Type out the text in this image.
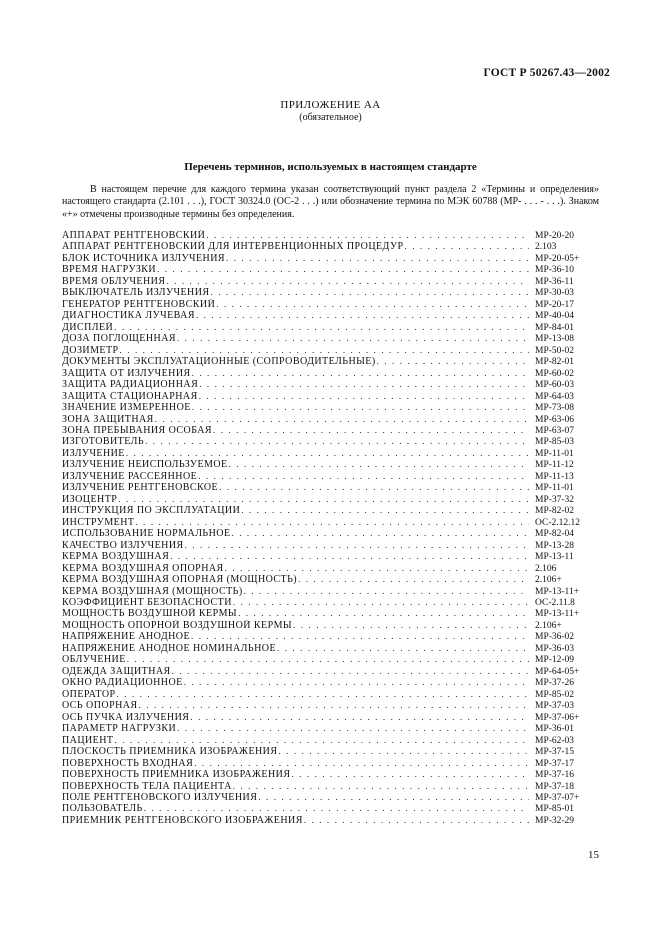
ГОСТ Р 50267.43—2002
ПРИЛОЖЕНИЕ АА
(обязательное)
Перечень терминов, используемых в настоящем стандарте

В настоящем перечне для каждого термина указан соответствующий пункт раздела 2 «Термины и определения» настоящего стандарта (2.101 . . .), ГОСТ 30324.0 (ОС-2 . . .) или обозначение термина по МЭК 60788 (МР- . . . - . . .). Знаком «+» отмечены производные термины без определения.

АППАРАТ РЕНТГЕНОВСКИЙ . . .	МР-20-20
АППАРАТ РЕНТГЕНОВСКИЙ ДЛЯ ИНТЕРВЕНЦИОННЫХ ПРОЦЕДУР . . .	2.103
БЛОК ИСТОЧНИКА ИЗЛУЧЕНИЯ . . .	МР-20-05+
ВРЕМЯ НАГРУЗКИ . . .	МР-36-10
ВРЕМЯ ОБЛУЧЕНИЯ . . .	МР-36-11
ВЫКЛЮЧАТЕЛЬ ИЗЛУЧЕНИЯ . . .	МР-30-03
ГЕНЕРАТОР РЕНТГЕНОВСКИЙ . . .	МР-20-17
ДИАГНОСТИКА ЛУЧЕВАЯ . . .	МР-40-04
ДИСПЛЕЙ . . .	МР-84-01
ДОЗА ПОГЛОЩЕННАЯ . . .	МР-13-08
ДОЗИМЕТР . . .	МР-50-02
ДОКУМЕНТЫ ЭКСПЛУАТАЦИОННЫЕ (СОПРОВОДИТЕЛЬНЫЕ) . . .	МР-82-01
ЗАЩИТА ОТ ИЗЛУЧЕНИЯ . . .	МР-60-02
ЗАЩИТА РАДИАЦИОННАЯ . . .	МР-60-03
ЗАЩИТА СТАЦИОНАРНАЯ . . .	МР-64-03
ЗНАЧЕНИЕ ИЗМЕРЕННОЕ . . .	МР-73-08
ЗОНА ЗАЩИТНАЯ . . .	МР-63-06
ЗОНА ПРЕБЫВАНИЯ ОСОБАЯ . . .	МР-63-07
ИЗГОТОВИТЕЛЬ . . .	МР-85-03
ИЗЛУЧЕНИЕ . . .	МР-11-01
ИЗЛУЧЕНИЕ НЕИСПОЛЬЗУЕМОЕ . . .	МР-11-12
ИЗЛУЧЕНИЕ РАССЕЯННОЕ . . .	МР-11-13
ИЗЛУЧЕНИЕ РЕНТГЕНОВСКОЕ . . .	МР-11-01
ИЗОЦЕНТР . . .	МР-37-32
ИНСТРУКЦИЯ ПО ЭКСПЛУАТАЦИИ . . .	МР-82-02
ИНСТРУМЕНТ . . .	ОС-2.12.12
ИСПОЛЬЗОВАНИЕ НОРМАЛЬНОЕ . . .	МР-82-04
КАЧЕСТВО ИЗЛУЧЕНИЯ . . .	МР-13-28
КЕРМА ВОЗДУШНАЯ . . .	МР-13-11
КЕРМА ВОЗДУШНАЯ ОПОРНАЯ . . .	2.106
КЕРМА ВОЗДУШНАЯ ОПОРНАЯ (МОЩНОСТЬ) . . .	2.106+
КЕРМА ВОЗДУШНАЯ (МОЩНОСТЬ) . . .	МР-13-11+
КОЭФФИЦИЕНТ БЕЗОПАСНОСТИ . . .	ОС-2.11.8
МОЩНОСТЬ ВОЗДУШНОЙ КЕРМЫ . . .	МР-13-11+
МОЩНОСТЬ ОПОРНОЙ ВОЗДУШНОЙ КЕРМЫ . . .	2.106+
НАПРЯЖЕНИЕ АНОДНОЕ . . .	МР-36-02
НАПРЯЖЕНИЕ АНОДНОЕ НОМИНАЛЬНОЕ . . .	МР-36-03
ОБЛУЧЕНИЕ . . .	МР-12-09
ОДЕЖДА ЗАЩИТНАЯ . . .	МР-64-05+
ОКНО РАДИАЦИОННОЕ . . .	МР-37-26
ОПЕРАТОР . . .	МР-85-02
ОСЬ ОПОРНАЯ . . .	МР-37-03
ОСЬ ПУЧКА ИЗЛУЧЕНИЯ . . .	МР-37-06+
ПАРАМЕТР НАГРУЗКИ . . .	МР-36-01
ПАЦИЕНТ . . .	МР-62-03
ПЛОСКОСТЬ ПРИЕМНИКА ИЗОБРАЖЕНИЯ . . .	МР-37-15
ПОВЕРХНОСТЬ ВХОДНАЯ . . .	МР-37-17
ПОВЕРХНОСТЬ ПРИЕМНИКА ИЗОБРАЖЕНИЯ . . .	МР-37-16
ПОВЕРХНОСТЬ ТЕЛА ПАЦИЕНТА . . .	МР-37-18
ПОЛЕ РЕНТГЕНОВСКОГО ИЗЛУЧЕНИЯ . . .	МР-37-07+
ПОЛЬЗОВАТЕЛЬ . . .	МР-85-01
ПРИЕМНИК РЕНТГЕНОВСКОГО ИЗОБРАЖЕНИЯ . . .	МР-32-29
15
